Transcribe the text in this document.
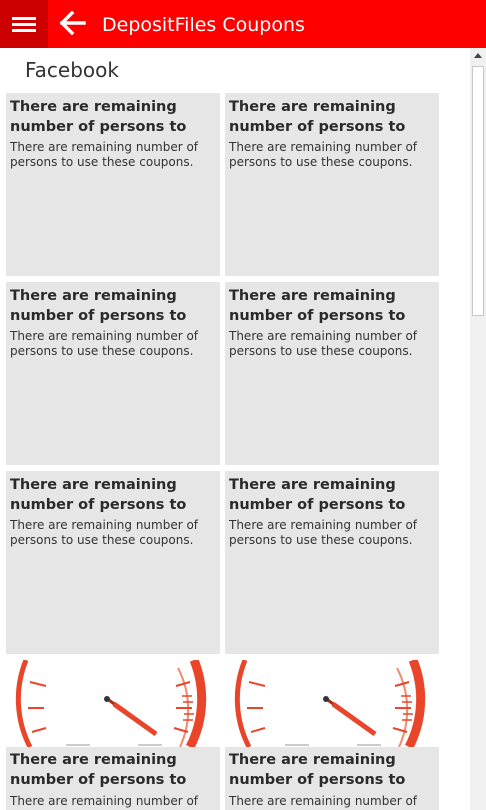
DepositFiles Coupons
Facebook
There are remaining number of persons to
There are remaining number of persons to use these coupons.
There are remaining number of persons to
There are remaining number of persons to use these coupons.
There are remaining number of persons to
There are remaining number of persons to use these coupons.
There are remaining number of persons to
There are remaining number of persons to use these coupons.
There are remaining number of persons to
There are remaining number of persons to use these coupons.
There are remaining number of persons to
There are remaining number of persons to use these coupons.
There are remaining number of persons to
There are remaining number of
There are remaining number of persons to
There are remaining number of
